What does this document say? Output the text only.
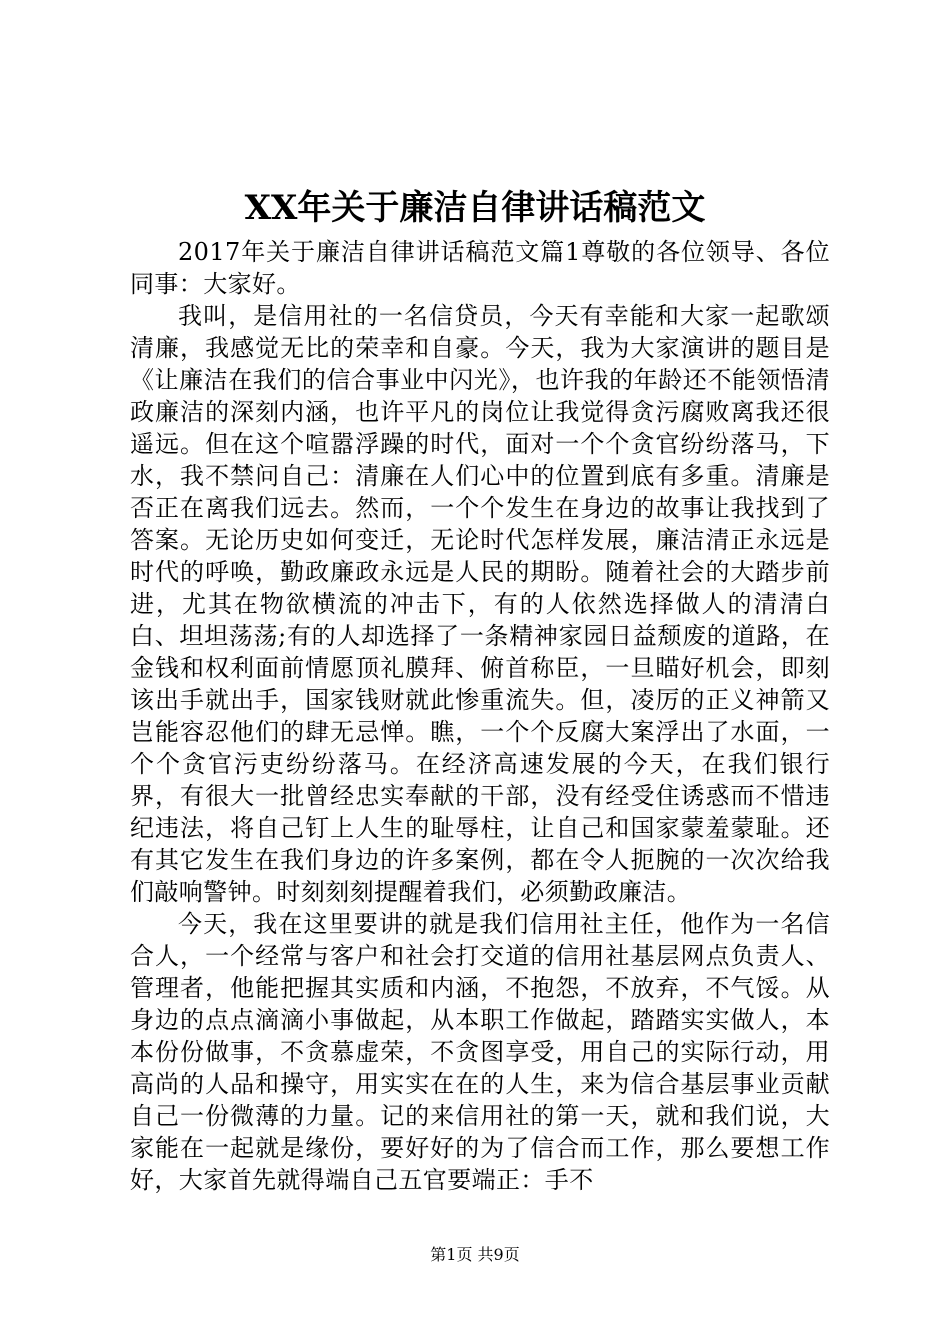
XX年关于廉洁自律讲话稿范文

2017年关于廉洁自律讲话稿范文篇1尊敬的各位领导、各位同事：大家好。

我叫，是信用社的一名信贷员，今天有幸能和大家一起歌颂清廉，我感觉无比的荣幸和自豪。今天，我为大家演讲的题目是《让廉洁在我们的信合事业中闪光》，也许我的年龄还不能领悟清政廉洁的深刻内涵，也许平凡的岗位让我觉得贪污腐败离我还很遥远。但在这个喧嚣浮躁的时代，面对一个个贪官纷纷落马，下水，我不禁问自己：清廉在人们心中的位置到底有多重。清廉是否正在离我们远去。然而，一个个发生在身边的故事让我找到了答案。无论历史如何变迁，无论时代怎样发展，廉洁清正永远是时代的呼唤，勤政廉政永远是人民的期盼。随着社会的大踏步前进，尤其在物欲横流的冲击下，有的人依然选择做人的清清白白、坦坦荡荡;有的人却选择了一条精神家园日益颓废的道路，在金钱和权利面前情愿顶礼膜拜、俯首称臣，一旦瞄好机会，即刻该出手就出手，国家钱财就此惨重流失。但，凌厉的正义神箭又岂能容忍他们的肆无忌惮。瞧，一个个反腐大案浮出了水面，一个个贪官污吏纷纷落马。在经济高速发展的今天，在我们银行界，有很大一批曾经忠实奉献的干部，没有经受住诱惑而不惜违纪违法，将自己钉上人生的耻辱柱，让自己和国家蒙羞蒙耻。还有其它发生在我们身边的许多案例，都在令人扼腕的一次次给我们敲响警钟。时刻刻刻提醒着我们，必须勤政廉洁。

今天，我在这里要讲的就是我们信用社主任，他作为一名信合人，一个经常与客户和社会打交道的信用社基层网点负责人、管理者，他能把握其实质和内涵，不抱怨，不放弃，不气馁。从身边的点点滴滴小事做起，从本职工作做起，踏踏实实做人，本本份份做事，不贪慕虚荣，不贪图享受，用自己的实际行动，用高尚的人品和操守，用实实在在的人生，来为信合基层事业贡献自己一份微薄的力量。记的来信用社的第一天，就和我们说，大家能在一起就是缘份，要好好的为了信合而工作，那么要想工作好，大家首先就得端自己五官要端正：手不

第1页 共9页
